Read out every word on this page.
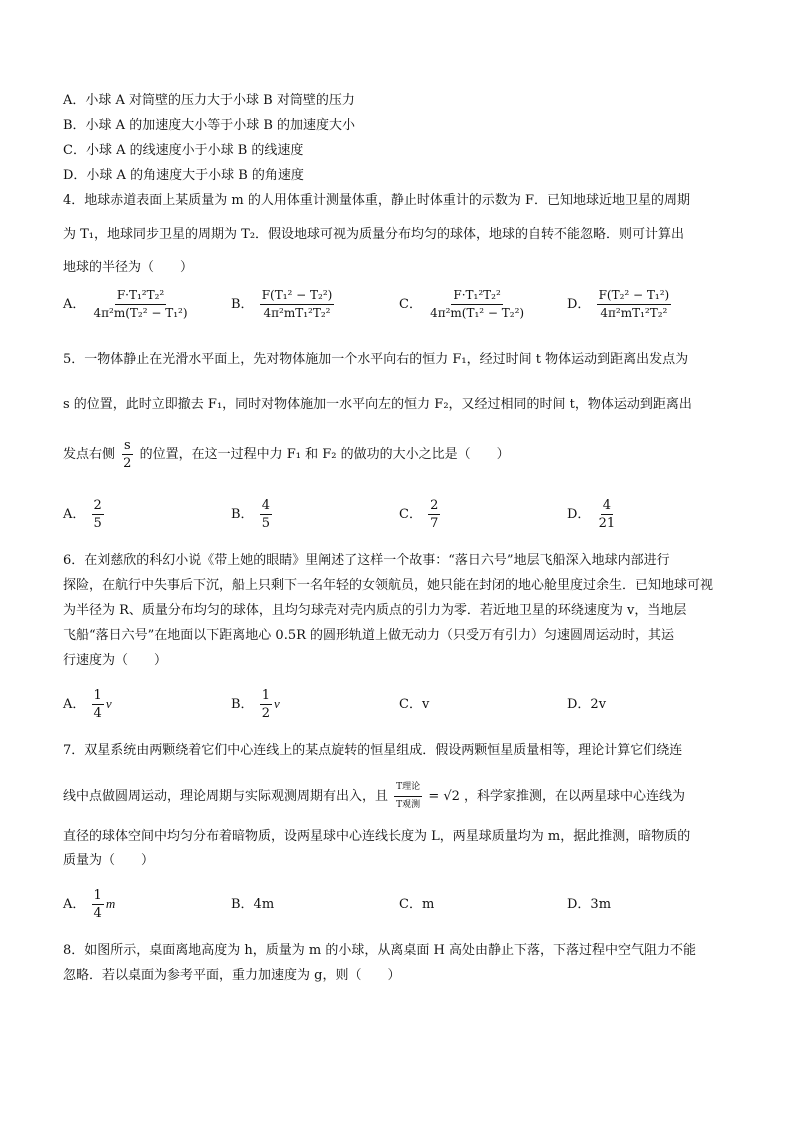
A．小球 A 对筒壁的压力大于小球 B 对筒壁的压力
B．小球 A 的加速度大小等于小球 B 的加速度大小
C．小球 A 的线速度小于小球 B 的线速度
D．小球 A 的角速度大于小球 B 的角速度
4．地球赤道表面上某质量为 m 的人用体重计测量体重，静止时体重计的示数为 F．已知地球近地卫星的周期
为 T₁，地球同步卫星的周期为 T₂．假设地球可视为质量分布均匀的球体，地球的自转不能忽略．则可计算出
地球的半径为（　　）
A． $\frac{\text{F·T₁²T₂²}}{\text{4π²m(T₂² − T₁²)}}$	B． $\frac{\text{F(T₁² − T₂²)}}{\text{4π²mT₁²T₂²}}$	C． $\frac{\text{F·T₁²T₂²}}{\text{4π²m(T₁² − T₂²)}}$	D． $\frac{\text{F(T₂² − T₁²)}}{\text{4π²mT₁²T₂²}}$
5．一物体静止在光滑水平面上，先对物体施加一个水平向右的恒力 F₁，经过时间 t 物体运动到距离出发点为
s 的位置，此时立即撤去 F₁，同时对物体施加一水平向左的恒力 F₂，又经过相同的时间 t，物体运动到距离出
发点右侧 $\frac{s}{2}$ 的位置，在这一过程中力 F₁ 和 F₂ 的做功的大小之比是（　　）
A． $\frac{2}{5}$	B． $\frac{4}{5}$	C． $\frac{2}{7}$	D． $\frac{4}{21}$
6．在刘慈欣的科幻小说《带上她的眼睛》里阐述了这样一个故事：“落日六号”地层飞船深入地球内部进行
探险，在航行中失事后下沉，船上只剩下一名年轻的女领航员，她只能在封闭的地心舱里度过余生．已知地球可视
为半径为 R、质量分布均匀的球体，且均匀球壳对壳内质点的引力为零．若近地卫星的环绕速度为 v，当地层
飞船“落日六号”在地面以下距离地心 0.5R 的圆形轨道上做无动力（只受万有引力）匀速圆周运动时，其运
行速度为（　　）
A． $\frac{1}{4}$ v	B． $\frac{1}{2}$ v	C．v	D．2v
7．双星系统由两颗绕着它们中心连线上的某点旋转的恒星组成．假设两颗恒星质量相等，理论计算它们绕连
线中点做圆周运动，理论周期与实际观测周期有出入，且 $\frac{\text{T理论}}{\text{T观测}} = √2$ ，科学家推测，在以两星球中心连线为
直径的球体空间中均匀分布着暗物质，设两星球中心连线长度为 L，两星球质量均为 m，据此推测，暗物质的
质量为（　　）
A． $\frac{1}{4}$ m	B．4m	C．m	D．3m
8．如图所示，桌面离地高度为 h，质量为 m 的小球，从离桌面 H 高处由静止下落，下落过程中空气阻力不能
忽略．若以桌面为参考平面，重力加速度为 g，则（　　）
